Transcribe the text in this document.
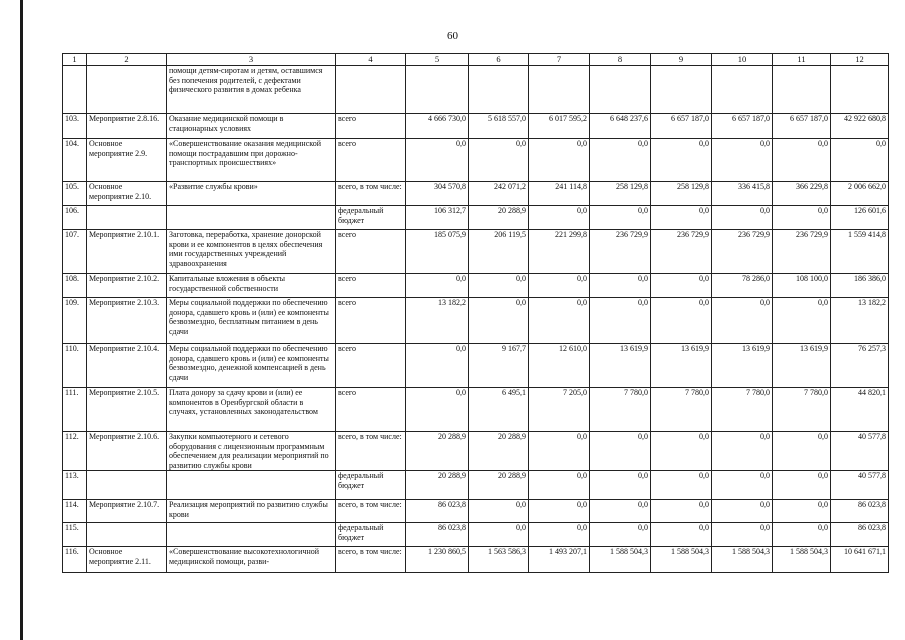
60
1	2	3	4	5	6	7	8	9	10	11	12
		помощи детям-сиротам и детям, оставшимся без попечения родителей, с дефектами физического развития в домах ребенка									
103.	Мероприятие 2.8.16.	Оказание медицинской помощи в стационарных условиях	всего	4 666 730,0	5 618 557,0	6 017 595,2	6 648 237,6	6 657 187,0	6 657 187,0	6 657 187,0	42 922 680,8
104.	Основное мероприятие 2.9.	«Совершенствование оказания медицинской помощи пострадавшим при дорожно-транспортных происшествиях»	всего	0,0	0,0	0,0	0,0	0,0	0,0	0,0	0,0
105.	Основное мероприятие 2.10.	«Развитие службы крови»	всего, в том числе:	304 570,8	242 071,2	241 114,8	258 129,8	258 129,8	336 415,8	366 229,8	2 006 662,0
106.			федеральный бюджет	106 312,7	20 288,9	0,0	0,0	0,0	0,0	0,0	126 601,6
107.	Мероприятие 2.10.1.	Заготовка, переработка, хранение донорской крови и ее компонентов в целях обеспечения ими государственных учреждений здравоохранения	всего	185 075,9	206 119,5	221 299,8	236 729,9	236 729,9	236 729,9	236 729,9	1 559 414,8
108.	Мероприятие 2.10.2.	Капитальные вложения в объекты государственной собственности	всего	0,0	0,0	0,0	0,0	0,0	78 286,0	108 100,0	186 386,0
109.	Мероприятие 2.10.3.	Меры социальной поддержки по обеспечению донора, сдавшего кровь и (или) ее компоненты безвозмездно, бесплатным питанием в день сдачи	всего	13 182,2	0,0	0,0	0,0	0,0	0,0	0,0	13 182,2
110.	Мероприятие 2.10.4.	Меры социальной поддержки по обеспечению донора, сдавшего кровь и (или) ее компоненты безвозмездно, денежной компенсацией в день сдачи	всего	0,0	9 167,7	12 610,0	13 619,9	13 619,9	13 619,9	13 619,9	76 257,3
111.	Мероприятие 2.10.5.	Плата донору за сдачу крови и (или) ее компонентов в Оренбургской области в случаях, установленных законодательством	всего	0,0	6 495,1	7 205,0	7 780,0	7 780,0	7 780,0	7 780,0	44 820,1
112.	Мероприятие 2.10.6.	Закупки компьютерного и сетевого оборудования с лицензионным программным обеспечением для реализации мероприятий по развитию службы крови	всего, в том числе:	20 288,9	20 288,9	0,0	0,0	0,0	0,0	0,0	40 577,8
113.			федеральный бюджет	20 288,9	20 288,9	0,0	0,0	0,0	0,0	0,0	40 577,8
114.	Мероприятие 2.10.7.	Реализация мероприятий по развитию службы крови	всего, в том числе:	86 023,8	0,0	0,0	0,0	0,0	0,0	0,0	86 023,8
115.			федеральный бюджет	86 023,8	0,0	0,0	0,0	0,0	0,0	0,0	86 023,8
116.	Основное мероприятие 2.11.	«Совершенствование высокотехнологичной медицинской помощи, разви-	всего, в том числе:	1 230 860,5	1 563 586,3	1 493 207,1	1 588 504,3	1 588 504,3	1 588 504,3	1 588 504,3	10 641 671,1
